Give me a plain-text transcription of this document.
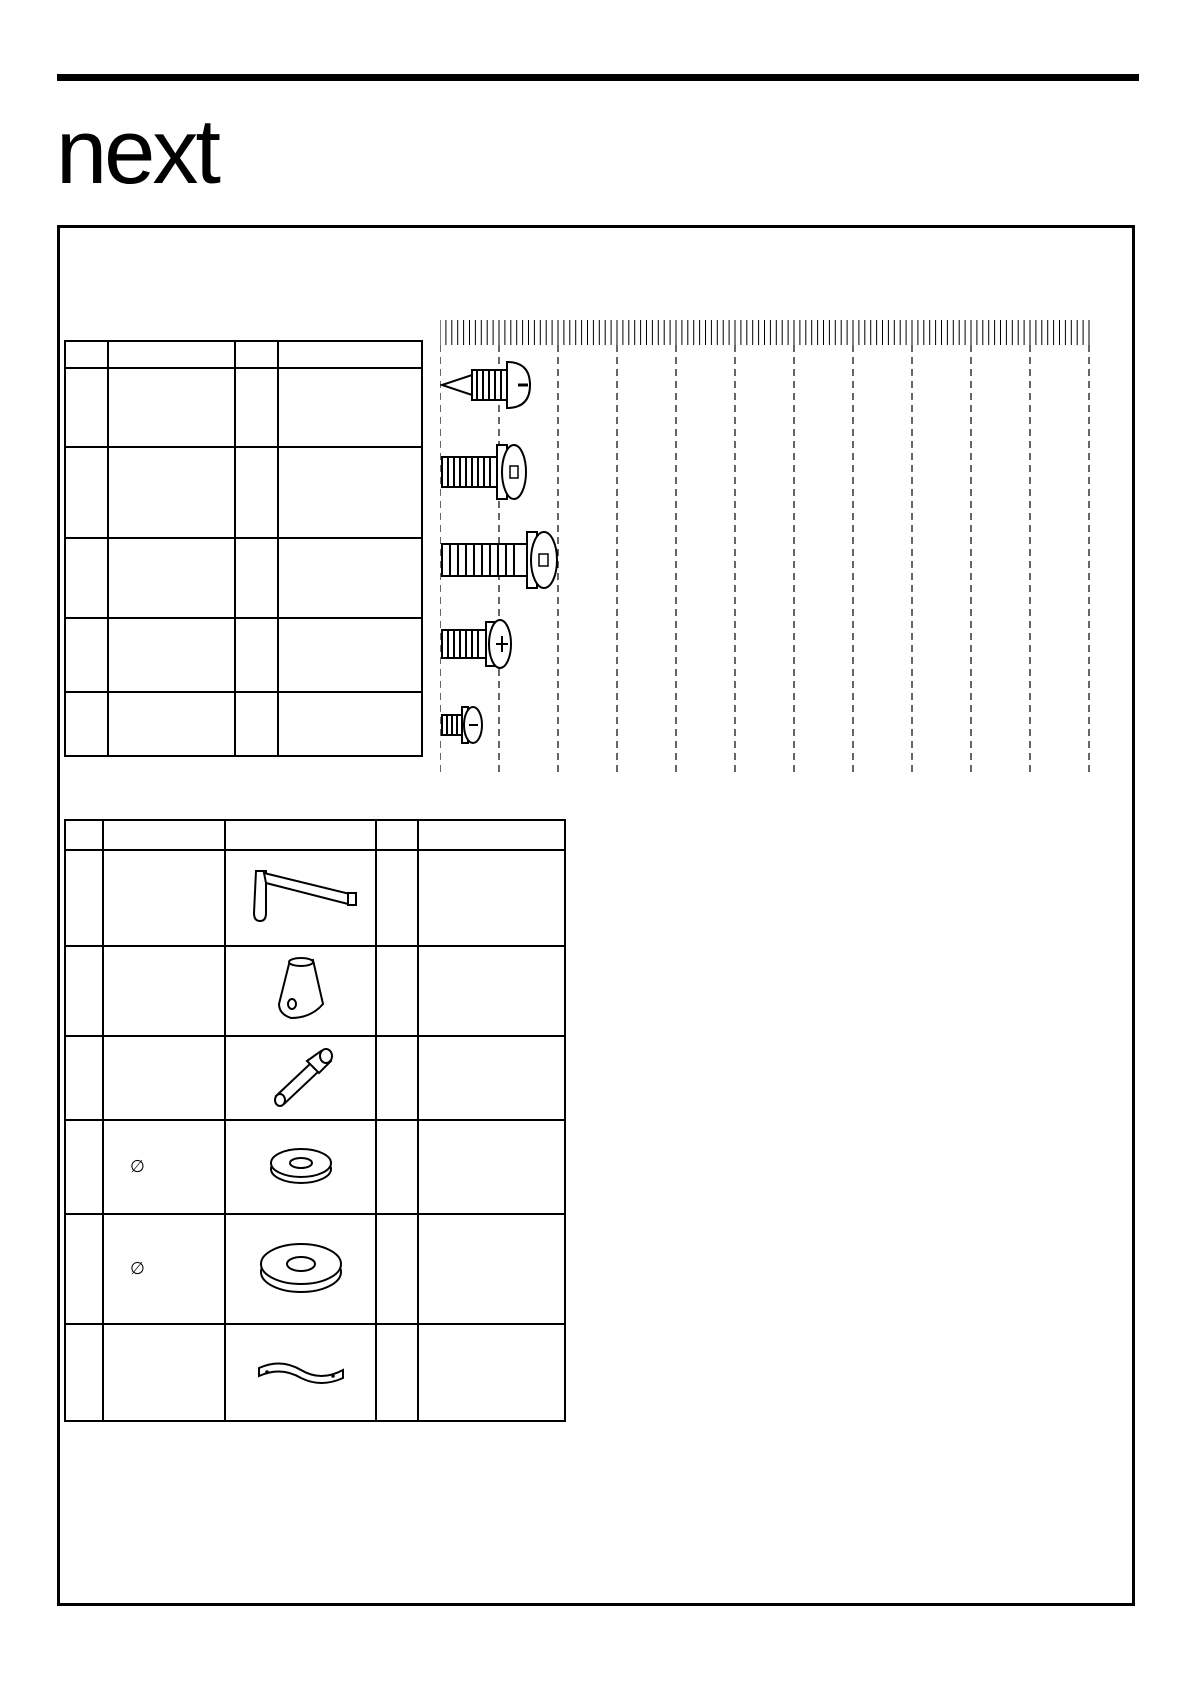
next

	∅			
	∅			
